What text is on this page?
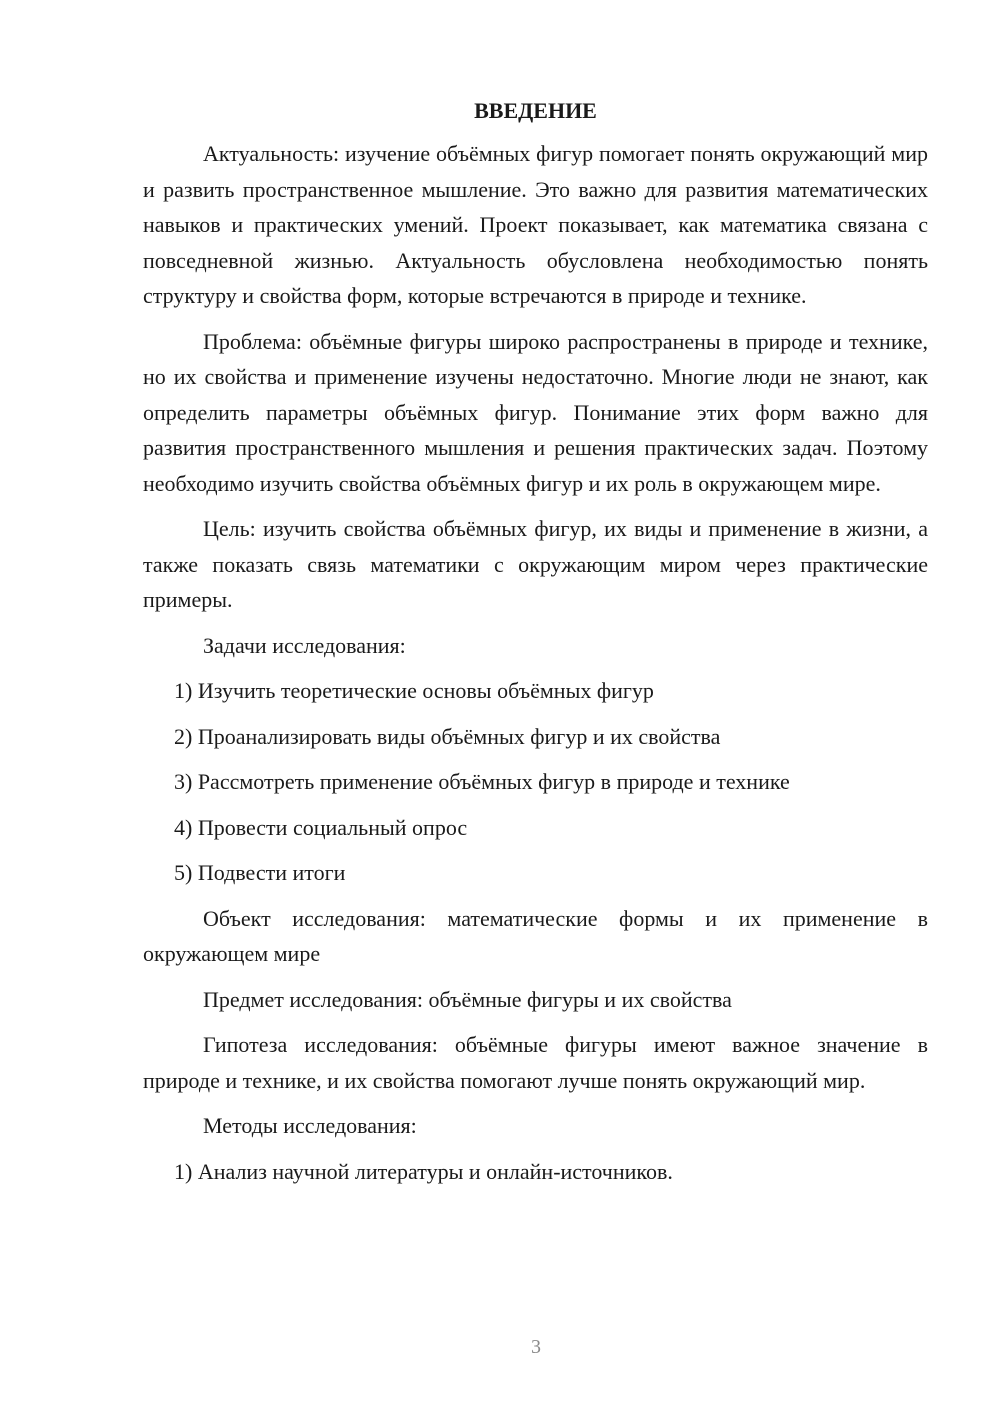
ВВЕДЕНИЕ

Актуальность: изучение объёмных фигур помогает понять окружающий мир и развить пространственное мышление. Это важно для развития математических навыков и практических умений. Проект показывает, как математика связана с повседневной жизнью. Актуальность обусловлена необходимостью понять структуру и свойства форм, которые встречаются в природе и технике.

Проблема: объёмные фигуры широко распространены в природе и технике, но их свойства и применение изучены недостаточно. Многие люди не знают, как определить параметры объёмных фигур. Понимание этих форм важно для развития пространственного мышления и решения практических задач. Поэтому необходимо изучить свойства объёмных фигур и их роль в окружающем мире.

Цель: изучить свойства объёмных фигур, их виды и применение в жизни, а также показать связь математики с окружающим миром через практические примеры.

Задачи исследования:

1) Изучить теоретические основы объёмных фигур
2) Проанализировать виды объёмных фигур и их свойства
3) Рассмотреть применение объёмных фигур в природе и технике
4) Провести социальный опрос
5) Подвести итоги

Объект исследования: математические формы и их применение в окружающем мире

Предмет исследования: объёмные фигуры и их свойства

Гипотеза исследования: объёмные фигуры имеют важное значение в природе и технике, и их свойства помогают лучше понять окружающий мир.

Методы исследования:

1) Анализ научной литературы и онлайн-источников.
3
